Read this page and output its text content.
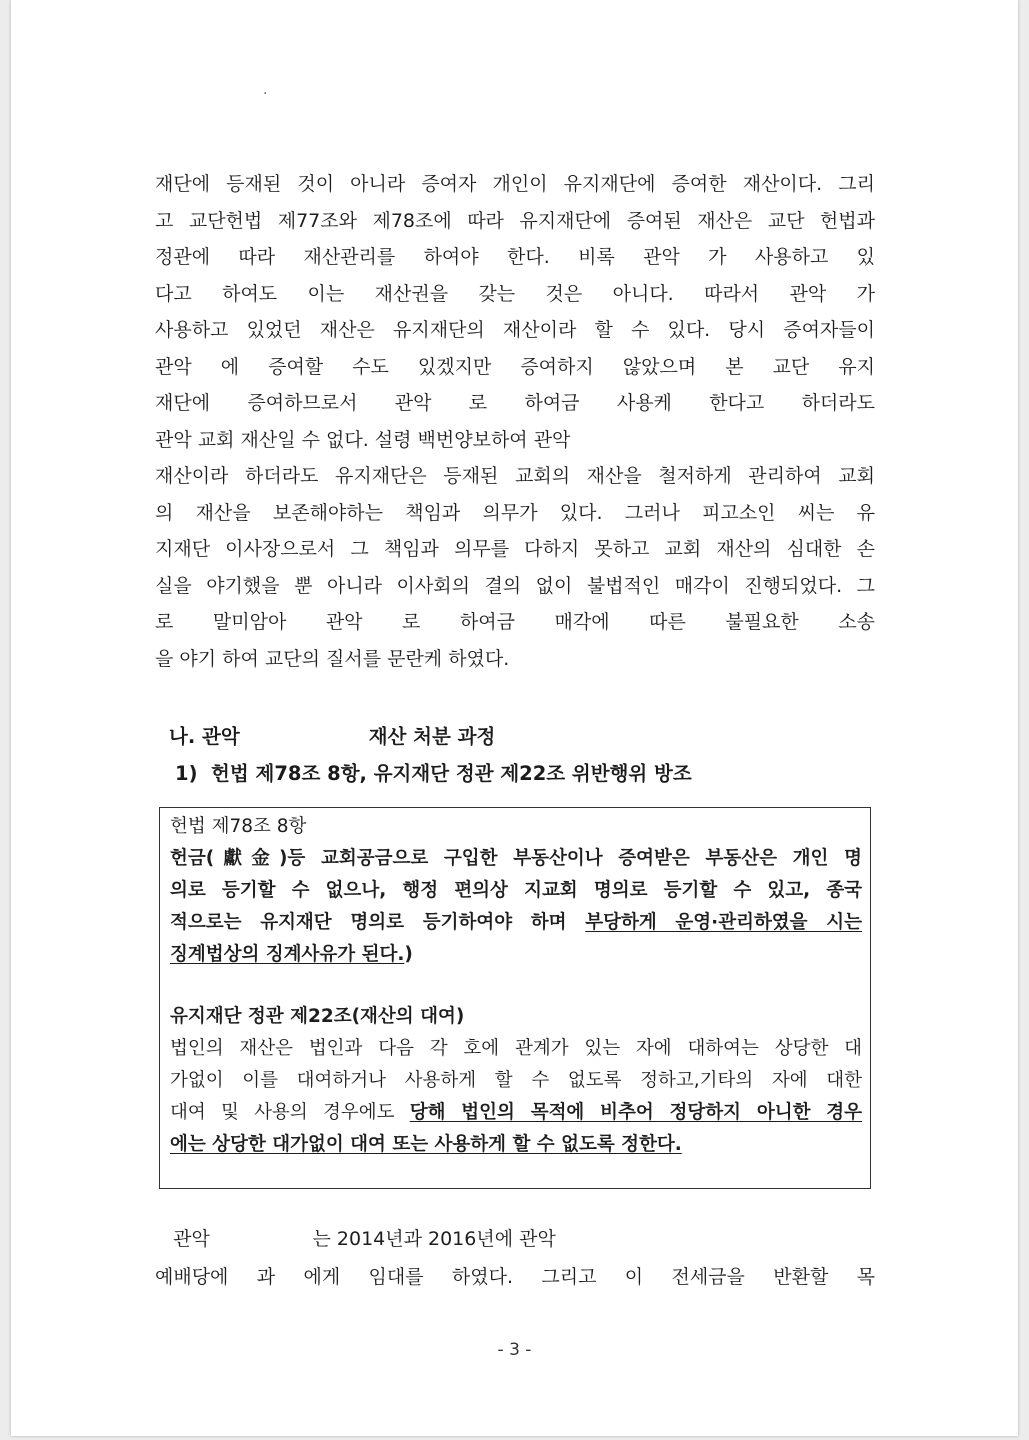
·
재단에 등재된 것이 아니라 증여자 개인이 유지재단에 증여한 재산이다. 그리
고 교단헌법 제77조와 제78조에 따라 유지재단에 증여된 재산은 교단 헌법과
정관에 따라 재산관리를 하여야 한다. 비록 관악 가 사용하고 있
다고 하여도 이는 재산권을 갖는 것은 아니다. 따라서 관악 가
사용하고 있었던 재산은 유지재단의 재산이라 할 수 있다. 당시 증여자들이
관악 에 증여할 수도 있겠지만 증여하지 않았으며 본 교단 유지
재단에 증여하므로서 관악 로 하여금 사용케 한다고 하더라도
관악 교회 재산일 수 없다. 설령 백번양보하여 관악
재산이라 하더라도 유지재단은 등재된 교회의 재산을 철저하게 관리하여 교회
의 재산을 보존해야하는 책임과 의무가 있다. 그러나 피고소인 씨는 유
지재단 이사장으로서 그 책임과 의무를 다하지 못하고 교회 재산의 심대한 손
실을 야기했을 뿐 아니라 이사회의 결의 없이 불법적인 매각이 진행되었다. 그
로 말미암아 관악 로 하여금 매각에 따른 불필요한 소송
을 야기 하여 교단의 질서를 문란케 하였다.
나. 관악                   재산 처분 과정
1)  헌법 제78조 8항, 유지재단 정관 제22조 위반행위 방조
헌법 제78조 8항
헌금(獻金)등 교회공금으로 구입한 부동산이나 증여받은 부동산은 개인 명
의로 등기할 수 없으나, 행정 편의상 지교회 명의로 등기할 수 있고, 종국
적으로는 유지재단 명의로 등기하여야 하며 부당하게 운영·관리하였을 시는
징계법상의 징계사유가 된다.)
유지재단 정관 제22조(재산의 대여)
법인의 재산은 법인과 다음 각 호에 관계가 있는 자에 대하여는 상당한 대
가없이 이를 대여하거나 사용하게 할 수 없도록 정하고,기타의 자에 대한
대여 및 사용의 경우에도 당해 법인의 목적에 비추어 정당하지 아니한 경우
에는 상당한 대가없이 대여 또는 사용하게 할 수 없도록 정한다.
관악                 는 2014년과 2016년에 관악
예배당에 과 에게 임대를 하였다. 그리고 이 전세금을 반환할 목
- 3 -
